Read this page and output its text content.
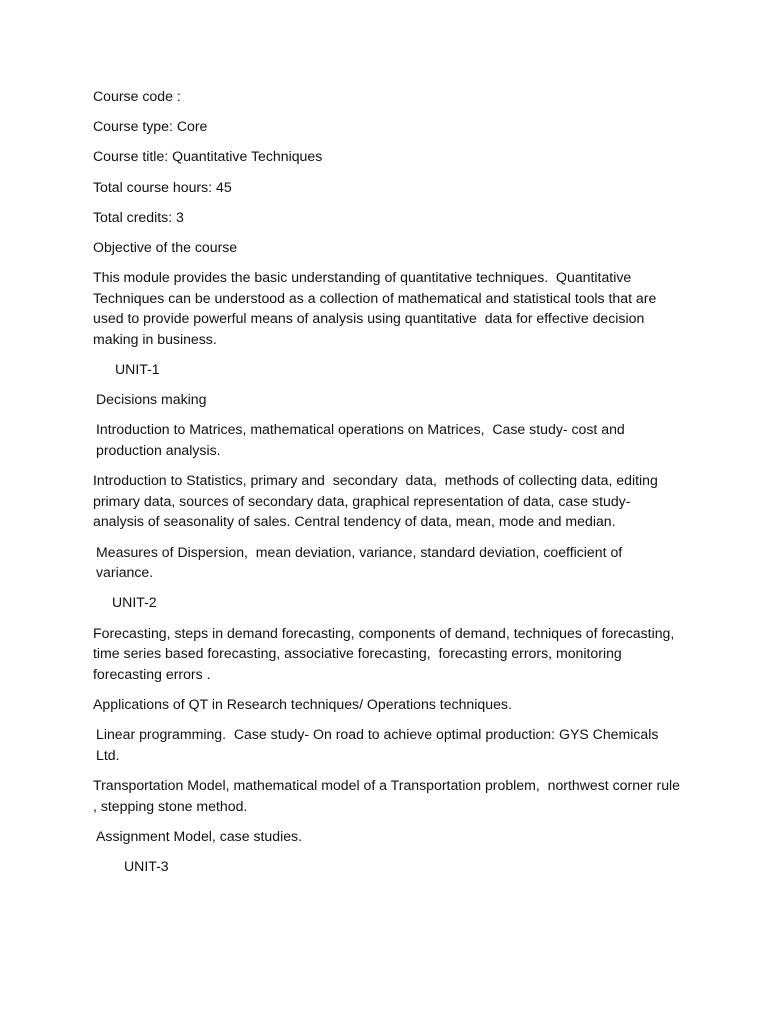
Course code :

Course type: Core

Course title: Quantitative Techniques

Total course hours: 45

Total credits: 3

Objective of the course

This module provides the basic understanding of quantitative techniques.  Quantitative Techniques can be understood as a collection of mathematical and statistical tools that are used to provide powerful means of analysis using quantitative  data for effective decision making in business.

UNIT-1

Decisions making

Introduction to Matrices, mathematical operations on Matrices,  Case study- cost and production analysis.

Introduction to Statistics, primary and  secondary  data,  methods of collecting data, editing primary data, sources of secondary data, graphical representation of data, case study- analysis of seasonality of sales. Central tendency of data, mean, mode and median.

Measures of Dispersion,  mean deviation, variance, standard deviation, coefficient of variance.

UNIT-2

Forecasting, steps in demand forecasting, components of demand, techniques of forecasting, time series based forecasting, associative forecasting,  forecasting errors, monitoring forecasting errors .

Applications of QT in Research techniques/ Operations techniques.

Linear programming.  Case study- On road to achieve optimal production: GYS Chemicals Ltd.

Transportation Model, mathematical model of a Transportation problem,  northwest corner rule , stepping stone method.

Assignment Model, case studies.

UNIT-3
